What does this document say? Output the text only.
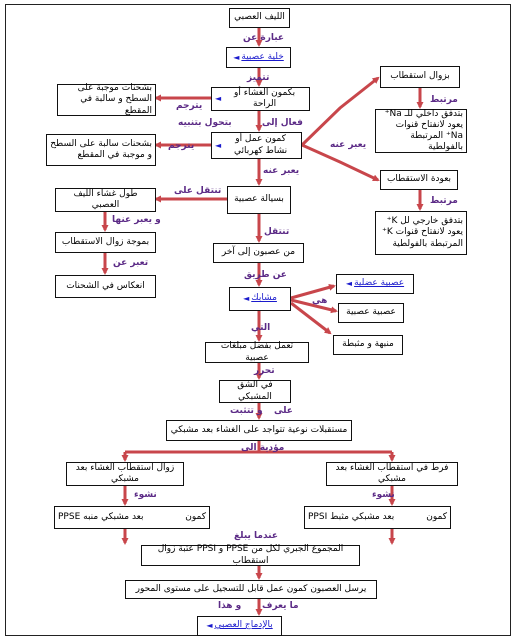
الليف العصبي
خلية عصبية
◄
بكمون الغشاء أو الراحة
◄
بشحنات موجبة على السطح و سالبة في المقطع
بزوال استقطاب
بتدفق داخلي للـ Na⁺ يعود لانفتاح قنوات Na⁺ المرتبطة بالفولطية
كمون عمل أو نشاط كهربائي
◄
بشحنات سالبة على السطح و موجبة في المقطع
بعودة الاستقطاب
بتدفق خارجي لل K⁺ يعود لانفتاح قنوات K⁺ المرتبطة بالفولطية
بسيالة عصبية
طول غشاء الليف العصبي
بموجة زوال الاستقطاب
انعكاس في الشحنات
من عصبون إلى آخر
عصبية عضلية
◄
مشابك
◄
عصبية عصبية
منبهة و مثبطة
تعمل بفضل مبلغات عصبية
في الشق المشبكي
مستقبلات نوعية تتواجد على الغشاء بعد مشبكي
زوال استقطاب الغشاء بعد مشبكي
فرط في استقطاب الغشاء بعد مشبكي
كمون
بعد مشبكي منبه PPSE	كمون
بعد مشبكي مثبط PPSI
المجموع الجبري لكل من PPSE و PPSI عتبة زوال استقطاب
يرسل العصبون كمون عمل قابل للتسجيل على مستوى المحور
بالإدماج العصبي
◄
عبارة عن
تتميز
يترجم
مرتبط
بتحول بتنبيه	فعال إلى
يعبر عنه
يترجم
يعبر عنه
مرتبط
تنتقل على
و يعبر عنها
تعبر عن
تنتقل
عن طريق
هي
التي
تحرر
و تتثبت على
مؤدية الى
نشوء	نشوء
عندما يبلغ
و هذا ما يعرف
